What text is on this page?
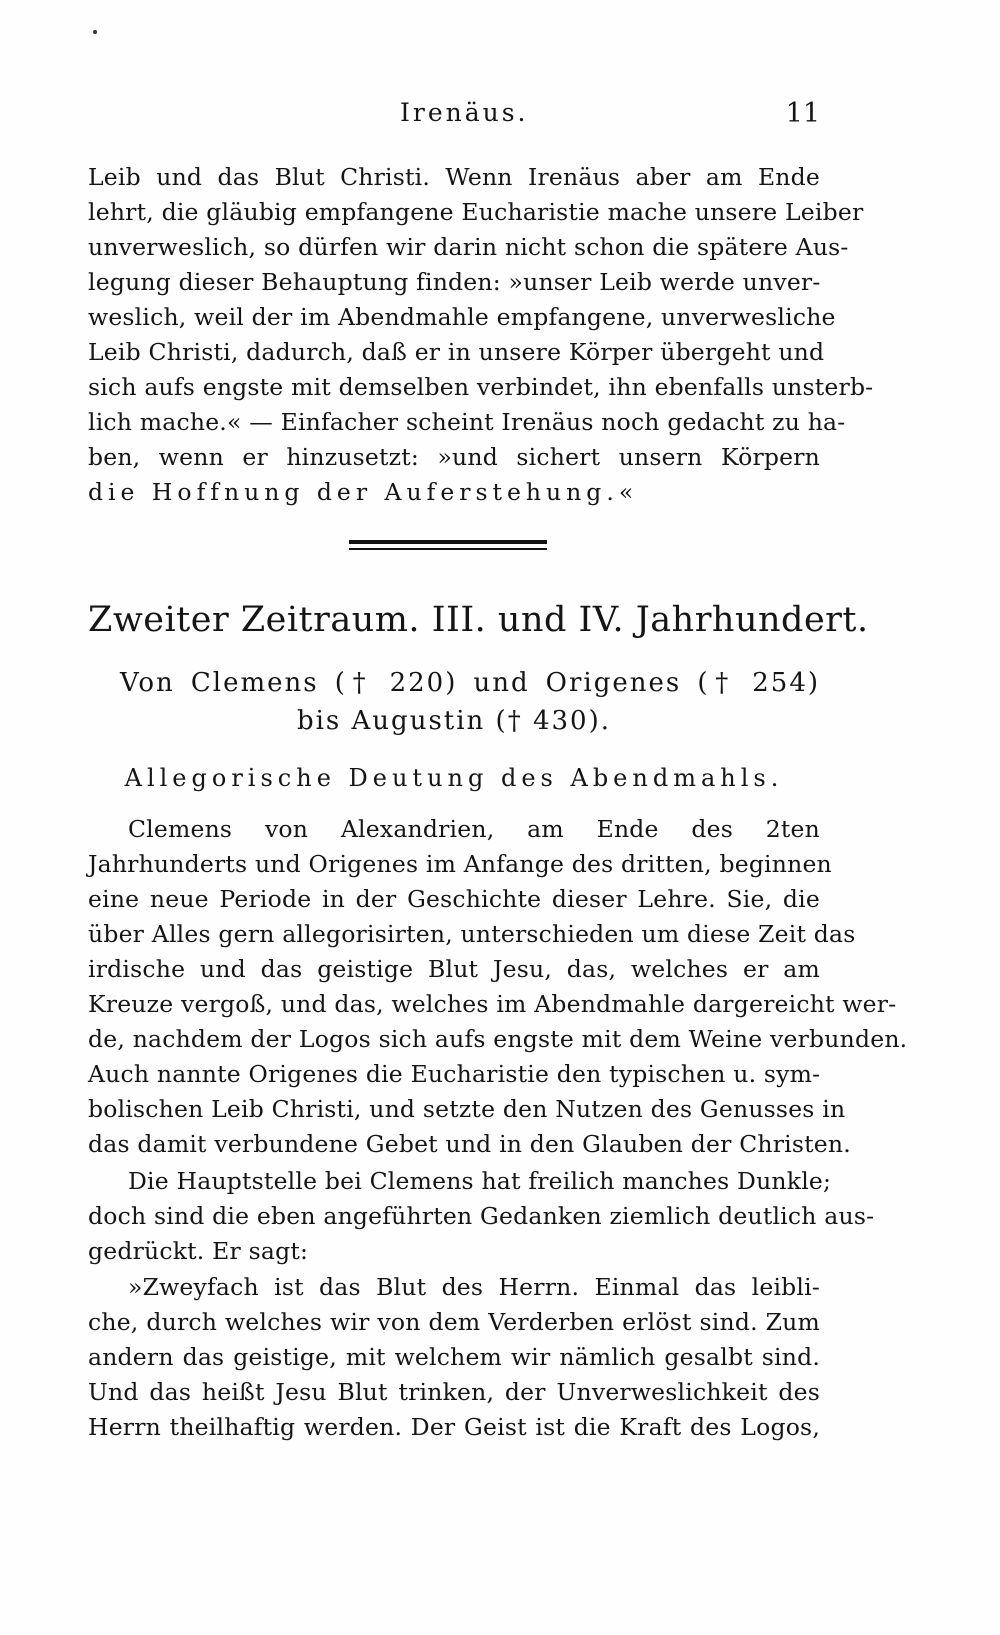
Irenäus.	11
Leib und das Blut Christi. Wenn Irenäus aber am Ende
lehrt, die gläubig empfangene Eucharistie mache unsere Leiber
unverweslich, so dürfen wir darin nicht schon die spätere Aus-
legung dieser Behauptung finden: »unser Leib werde unver-
weslich, weil der im Abendmahle empfangene, unverwesliche
Leib Christi, dadurch, daß er in unsere Körper übergeht und
sich aufs engste mit demselben verbindet, ihn ebenfalls unsterb-
lich mache.« — Einfacher scheint Irenäus noch gedacht zu ha-
ben, wenn er hinzusetzt: »und sichert unsern Körpern
die Hoffnung der Auferstehung.«
Zweiter Zeitraum. III. und IV. Jahrhundert.
Von Clemens († 220) und Origenes († 254)
bis Augustin († 430).
Allegorische Deutung des Abendmahls.
Clemens von Alexandrien, am Ende des 2ten
Jahrhunderts und Origenes im Anfange des dritten, beginnen
eine neue Periode in der Geschichte dieser Lehre. Sie, die
über Alles gern allegorisirten, unterschieden um diese Zeit das
irdische und das geistige Blut Jesu, das, welches er am
Kreuze vergoß, und das, welches im Abendmahle dargereicht wer-
de, nachdem der Logos sich aufs engste mit dem Weine verbunden.
Auch nannte Origenes die Eucharistie den typischen u. sym-
bolischen Leib Christi, und setzte den Nutzen des Genusses in
das damit verbundene Gebet und in den Glauben der Christen.
Die Hauptstelle bei Clemens hat freilich manches Dunkle;
doch sind die eben angeführten Gedanken ziemlich deutlich aus-
gedrückt. Er sagt:
»Zweyfach ist das Blut des Herrn. Einmal das leibli-
che, durch welches wir von dem Verderben erlöst sind. Zum
andern das geistige, mit welchem wir nämlich gesalbt sind.
Und das heißt Jesu Blut trinken, der Unverweslichkeit des
Herrn theilhaftig werden. Der Geist ist die Kraft des Logos,
